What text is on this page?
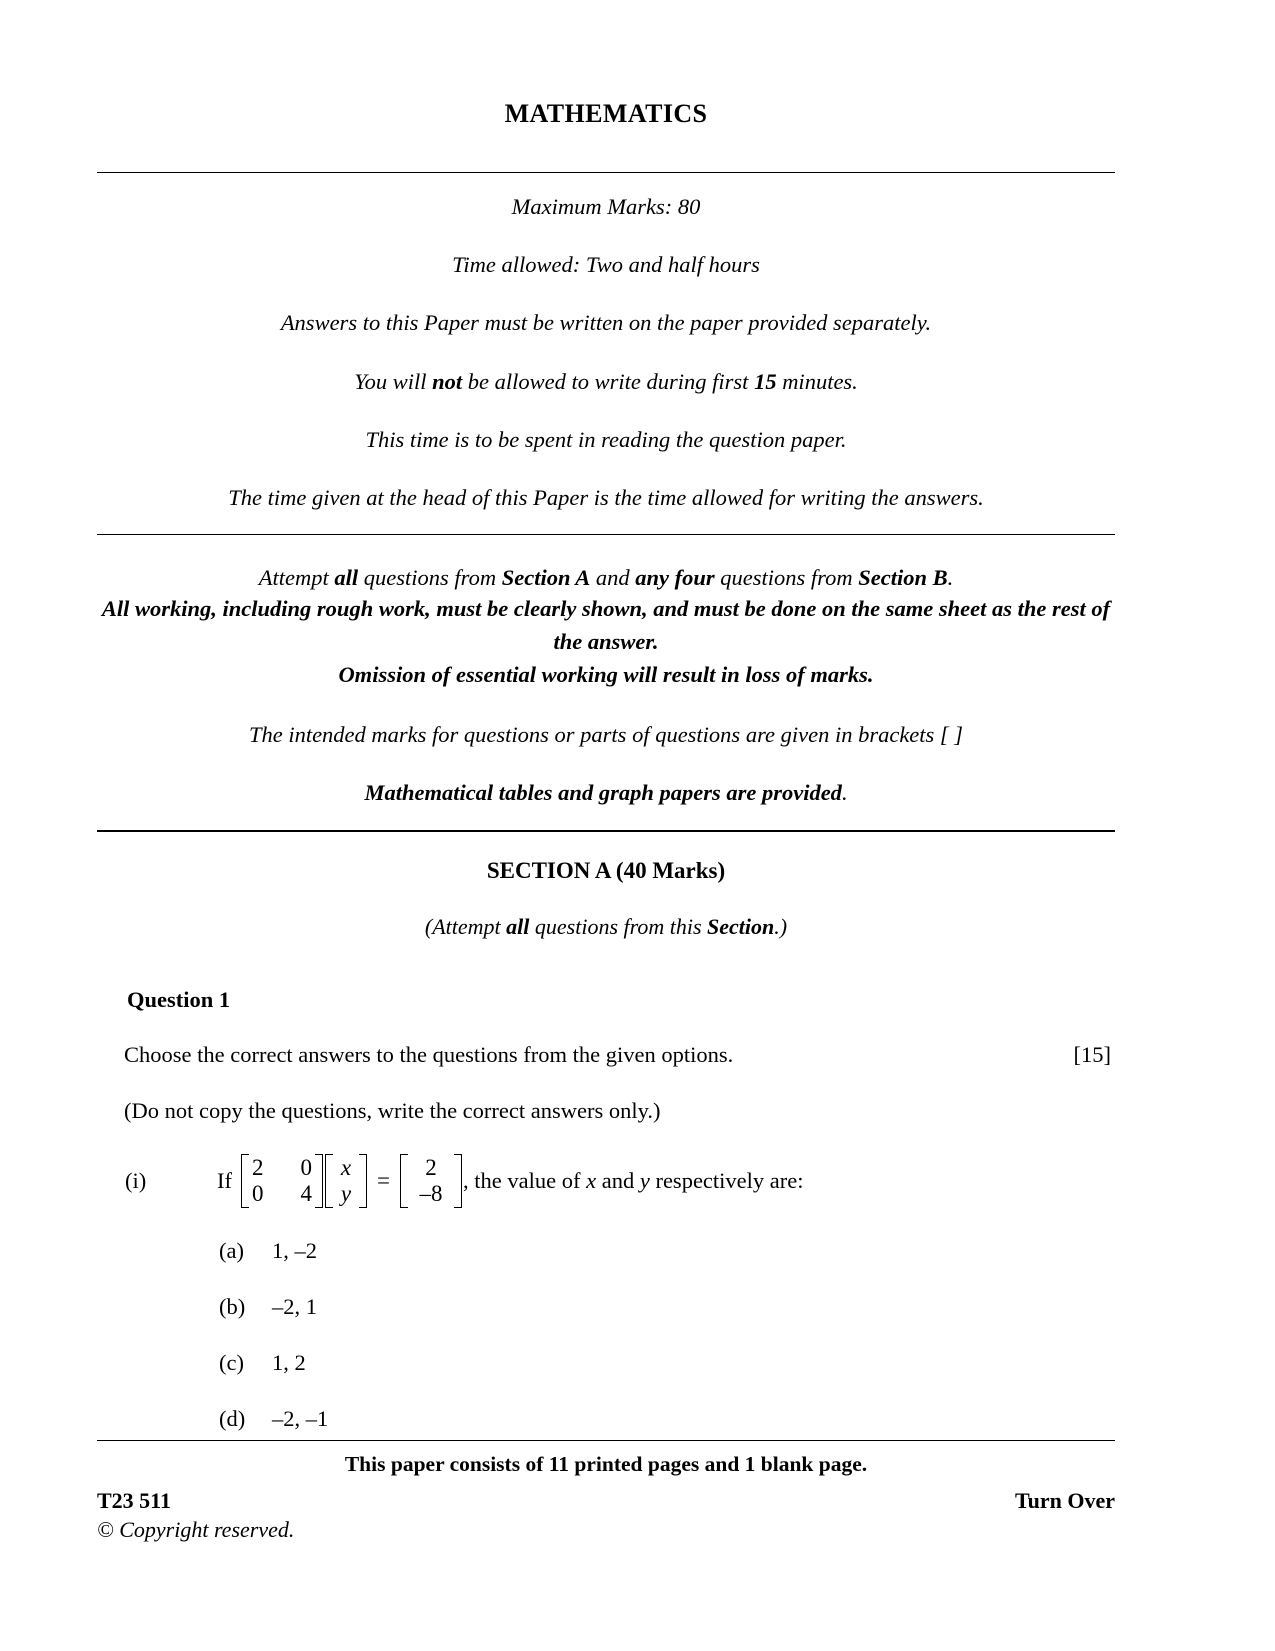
MATHEMATICS

Maximum Marks: 80

Time allowed: Two and half hours

Answers to this Paper must be written on the paper provided separately.

You will not be allowed to write during first 15 minutes.

This time is to be spent in reading the question paper.

The time given at the head of this Paper is the time allowed for writing the answers.

Attempt all questions from Section A and any four questions from Section B.

All working, including rough work, must be clearly shown, and must be done on the same sheet as the rest of the answer.

Omission of essential working will result in loss of marks.

The intended marks for questions or parts of questions are given in brackets [ ]

Mathematical tables and graph papers are provided.

SECTION A (40 Marks)

(Attempt all questions from this Section.)

Question 1

Choose the correct answers to the questions from the given options.	[15]

(Do not copy the questions, write the correct answers only.)

(i)	If
2 0
0 4
x
y =
2
–8
, the value of x and y respectively are:
(a)	1, –2
(b)	–2, 1
(c)	1, 2
(d)	–2, –1
This paper consists of 11 printed pages and 1 blank page.
T23 511	Turn Over
© Copyright reserved.
